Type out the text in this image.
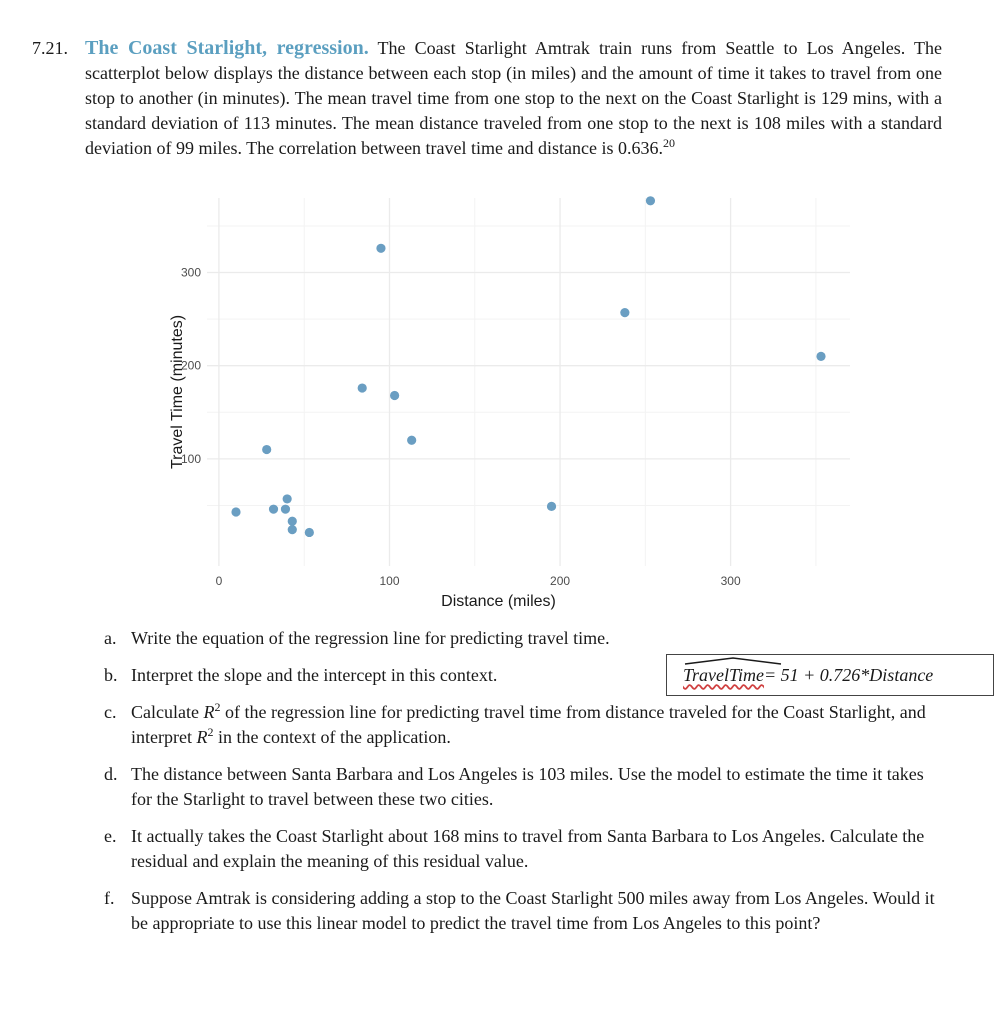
7.21. The Coast Starlight, regression. The Coast Starlight Amtrak train runs from Seattle to Los Angeles. The scatterplot below displays the distance between each stop (in miles) and the amount of time it takes to travel from one stop to another (in minutes). The mean travel time from one stop to the next on the Coast Starlight is 129 mins, with a standard deviation of 113 minutes. The mean distance traveled from one stop to the next is 108 miles with a standard deviation of 99 miles. The correlation between travel time and distance is 0.636.20
0	100	200	300
100
200
300
Distance (miles)
Travel Time (minutes)
a. Write the equation of the regression line for predicting travel time.
b. Interpret the slope and the intercept in this context.
c. Calculate $R^2$ of the regression line for predicting travel time from distance traveled for the Coast Starlight, and interpret $R^2$ in the context of the application.
d. The distance between Santa Barbara and Los Angeles is 103 miles. Use the model to estimate the time it takes for the Starlight to travel between these two cities.
e. It actually takes the Coast Starlight about 168 mins to travel from Santa Barbara to Los Angeles. Calculate the residual and explain the meaning of this residual value.
f. Suppose Amtrak is considering adding a stop to the Coast Starlight 500 miles away from Los Angeles. Would it be appropriate to use this linear model to predict the travel time from Los Angeles to this point?
TravelTime = 51 + 0.726*Distance
